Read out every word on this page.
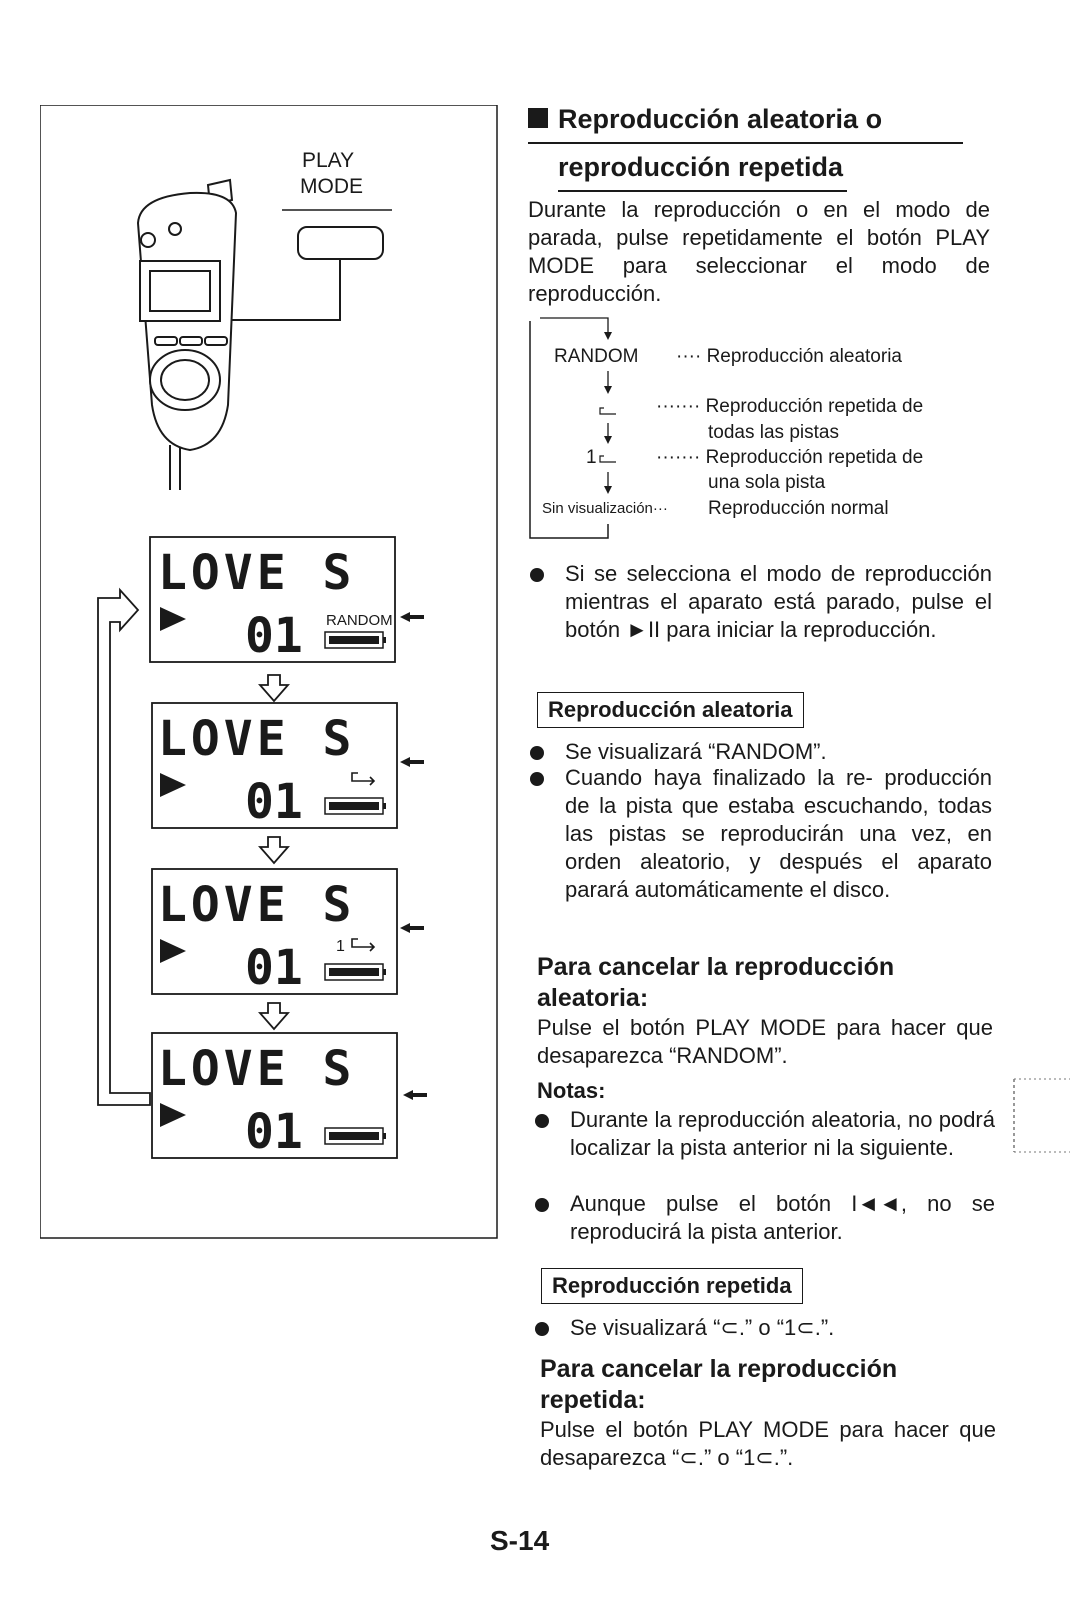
PLAY
MODE
LOVE S
01 RANDOM
LOVE S
01
LOVE S
01 1
LOVE S
01
Reproducción aleatoria o
reproducción repetida
Durante la reproducción o en el modo de parada, pulse repetidamente el botón PLAY MODE para seleccionar el modo de reproducción.
RANDOM ···· Reproducción aleatoria
······· Reproducción repetida de
todas las pistas
1	······· Reproducción repetida de
una sola pista
Sin visualización··· Reproducción normal
Si se selecciona el modo de reproducción mientras el aparato está parado, pulse el botón ►II para iniciar la reproducción.
Reproducción aleatoria
Se visualizará “RANDOM”.
Cuando haya finalizado la re- producción de la pista que estaba escuchando, todas las pistas se reproducirán una vez, en orden aleatorio, y después el aparato parará automáticamente el disco.
Para cancelar la reproducción aleatoria:
Pulse el botón PLAY MODE para hacer que desaparezca “RANDOM”.
Notas:
Durante la reproducción aleatoria, no podrá localizar la pista anterior ni la siguiente.
Aunque pulse el botón I◄◄, no se reproducirá la pista anterior.
Reproducción repetida
Se visualizará “⊂.” o “1⊂.”.
Para cancelar la reproducción repetida:
Pulse el botón PLAY MODE para hacer que desaparezca “⊂.” o “1⊂.”.
S-14
